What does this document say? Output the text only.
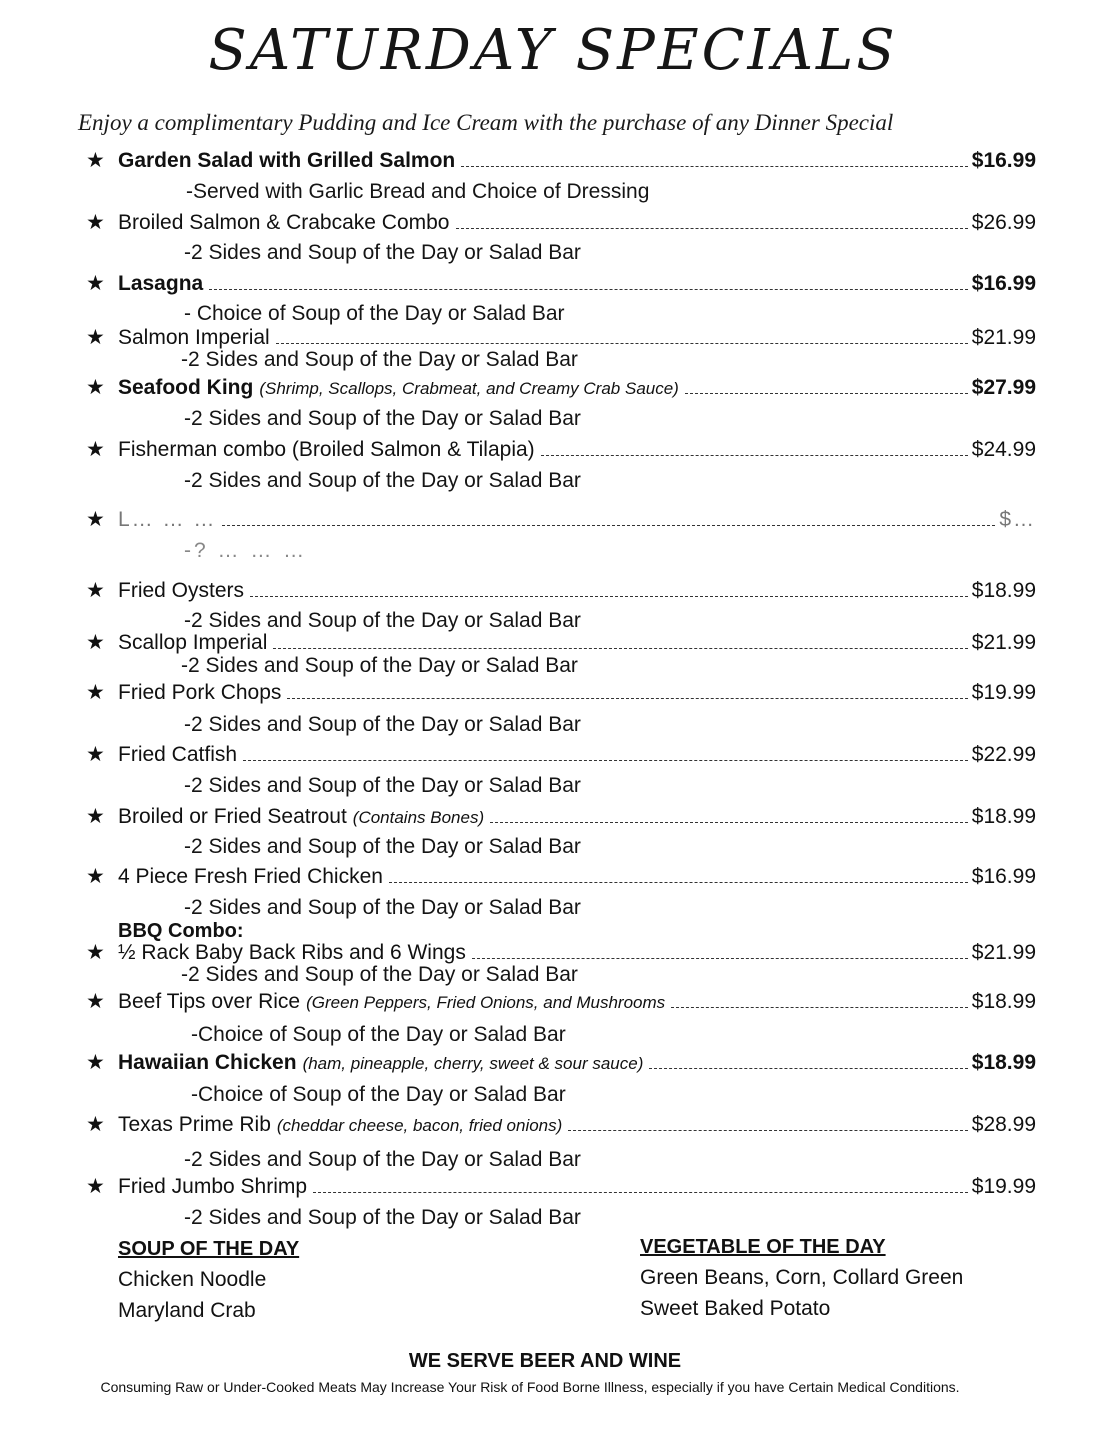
SATURDAY SPECIALS
Enjoy a complimentary Pudding and Ice Cream with the purchase of any Dinner Special
★ Garden Salad with Grilled Salmon	$16.99
-Served with Garlic Bread and Choice of Dressing
★ Broiled Salmon & Crabcake Combo	$26.99
-2 Sides and Soup of the Day or Salad Bar
★ Lasagna	$16.99
- Choice of Soup of the Day or Salad Bar
★ Salmon Imperial	$21.99
-2 Sides and Soup of the Day or Salad Bar
★ Seafood King (Shrimp, Scallops, Crabmeat, and Creamy Crab Sauce)	$27.99
-2 Sides and Soup of the Day or Salad Bar
★ Fisherman combo (Broiled Salmon & Tilapia)	$24.99
-2 Sides and Soup of the Day or Salad Bar
★ L… … …	$…
-? … … …
★ Fried Oysters	$18.99
-2 Sides and Soup of the Day or Salad Bar
★ Scallop Imperial	$21.99
-2 Sides and Soup of the Day or Salad Bar
★ Fried Pork Chops	$19.99
-2 Sides and Soup of the Day or Salad Bar
★ Fried Catfish	$22.99
-2 Sides and Soup of the Day or Salad Bar
★ Broiled or Fried Seatrout (Contains Bones)	$18.99
-2 Sides and Soup of the Day or Salad Bar
★ 4 Piece Fresh Fried Chicken	$16.99
-2 Sides and Soup of the Day or Salad Bar
★ ½ Rack Baby Back Ribs and 6 Wings	$21.99
-2 Sides and Soup of the Day or Salad Bar
★ Beef Tips over Rice (Green Peppers, Fried Onions, and Mushrooms	$18.99
-Choice of Soup of the Day or Salad Bar
★ Hawaiian Chicken (ham, pineapple, cherry, sweet & sour sauce)	$18.99
-Choice of Soup of the Day or Salad Bar
★ Texas Prime Rib (cheddar cheese, bacon, fried onions)	$28.99
-2 Sides and Soup of the Day or Salad Bar
★ Fried Jumbo Shrimp	$19.99
-2 Sides and Soup of the Day or Salad Bar
BBQ Combo:
SOUP OF THE DAY
Chicken Noodle
Maryland Crab
VEGETABLE OF THE DAY
Green Beans, Corn, Collard Green
Sweet Baked Potato
WE SERVE BEER AND WINE
Consuming Raw or Under-Cooked Meats May Increase Your Risk of Food Borne Illness, especially if you have Certain Medical Conditions.
